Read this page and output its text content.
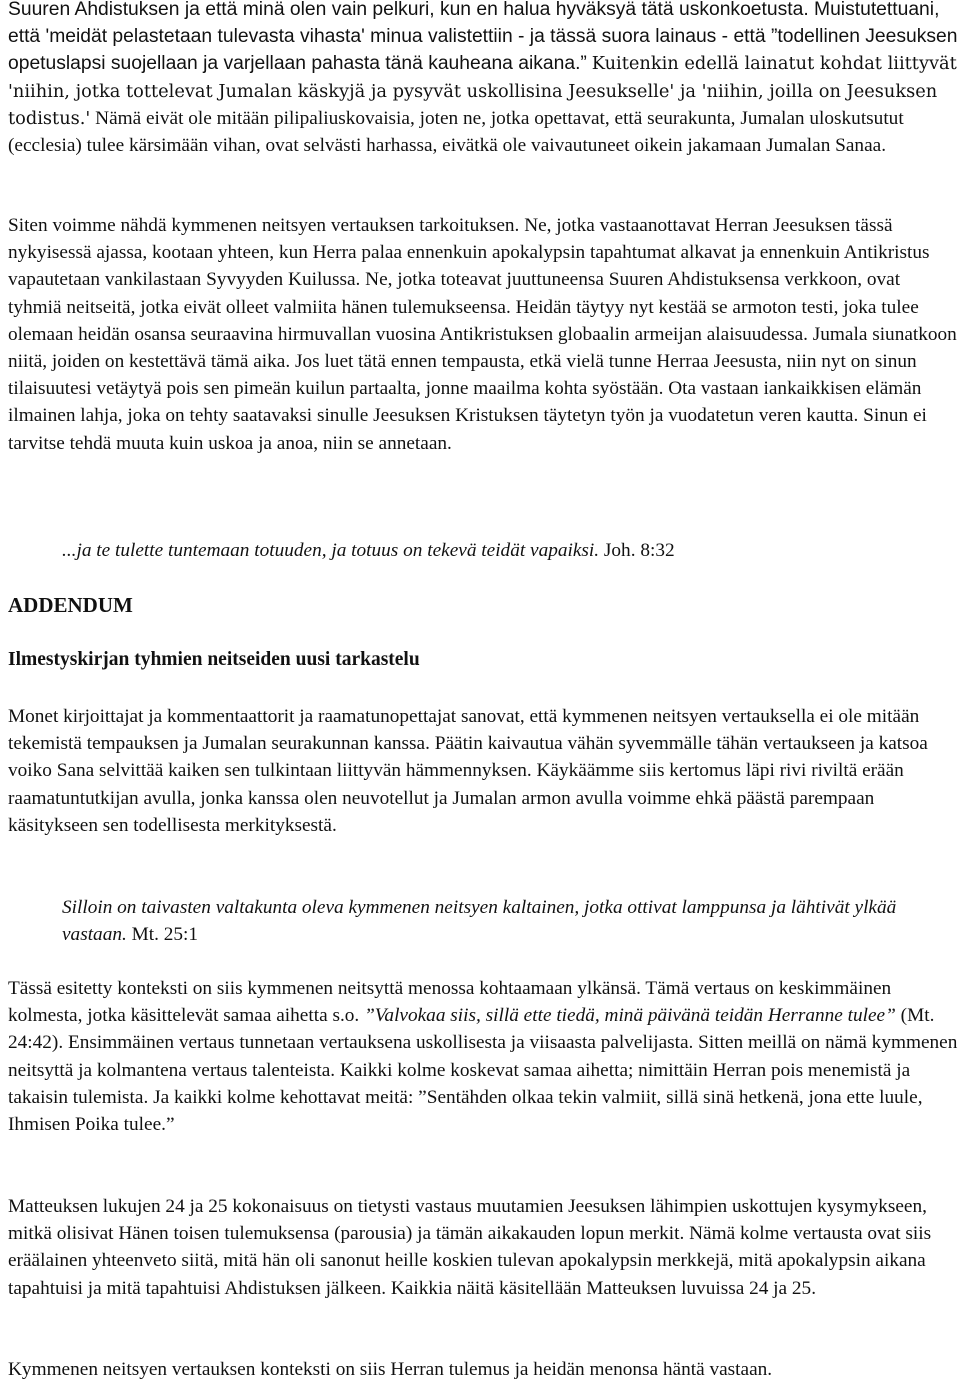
Suuren Ahdistuksen ja että minä olen vain pelkuri, kun en halua hyväksyä tätä uskonkoetusta. Muistutettuani, että 'meidät pelastetaan tulevasta vihasta' minua valistettiin - ja tässä suora lainaus - että ”todellinen Jeesuksen opetuslapsi suojellaan ja varjellaan pahasta tänä kauheana aikana.” Kuitenkin edellä lainatut kohdat liittyvät 'niihin, jotka tottelevat Jumalan käskyjä ja pysyvät uskollisina Jeesukselle' ja 'niihin, joilla on Jeesuksen todistus.' Nämä eivät ole mitään pilipaliuskovaisia, joten ne, jotka opettavat, että seurakunta, Jumalan uloskutsutut (ecclesia) tulee kärsimään vihan, ovat selvästi harhassa, eivätkä ole vaivautuneet oikein jakamaan Jumalan Sanaa.

Siten voimme nähdä kymmenen neitsyen vertauksen tarkoituksen. Ne, jotka vastaanottavat Herran Jeesuksen tässä nykyisessä ajassa, kootaan yhteen, kun Herra palaa ennenkuin apokalypsin tapahtumat alkavat ja ennenkuin Antikristus vapautetaan vankilastaan Syvyyden Kuilussa. Ne, jotka toteavat juuttuneensa Suuren Ahdistuksensa verkkoon, ovat tyhmiä neitseitä, jotka eivät olleet valmiita hänen tulemukseensa. Heidän täytyy nyt kestää se armoton testi, joka tulee olemaan heidän osansa seuraavina hirmuvallan vuosina Antikristuksen globaalin armeijan alaisuudessa. Jumala siunatkoon niitä, joiden on kestettävä tämä aika. Jos luet tätä ennen tempausta, etkä vielä tunne Herraa Jeesusta, niin nyt on sinun tilaisuutesi vetäytyä pois sen pimeän kuilun partaalta, jonne maailma kohta syöstään. Ota vastaan iankaikkisen elämän ilmainen lahja, joka on tehty saatavaksi sinulle Jeesuksen Kristuksen täytetyn työn ja vuodatetun veren kautta. Sinun ei tarvitse tehdä muuta kuin uskoa ja anoa, niin se annetaan.

...ja te tulette tuntemaan totuuden, ja totuus on tekevä teidät vapaiksi. Joh. 8:32

ADDENDUM
Ilmestyskirjan tyhmien neitseiden uusi tarkastelu

Monet kirjoittajat ja kommentaattorit ja raamatunopettajat sanovat, että kymmenen neitsyen vertauksella ei ole mitään tekemistä tempauksen ja Jumalan seurakunnan kanssa. Päätin kaivautua vähän syvemmälle tähän vertaukseen ja katsoa voiko Sana selvittää kaiken sen tulkintaan liittyvän hämmennyksen. Käykäämme siis kertomus läpi rivi riviltä erään raamatuntutkijan avulla, jonka kanssa olen neuvotellut ja Jumalan armon avulla voimme ehkä päästä parempaan käsitykseen sen todellisesta merkityksestä.

Silloin on taivasten valtakunta oleva kymmenen neitsyen kaltainen, jotka ottivat lamppunsa ja lähtivät ylkää vastaan. Mt. 25:1

Tässä esitetty konteksti on siis kymmenen neitsyttä menossa kohtaamaan ylkänsä. Tämä vertaus on keskimmäinen kolmesta, jotka käsittelevät samaa aihetta s.o. ”Valvokaa siis, sillä ette tiedä, minä päivänä teidän Herranne tulee” (Mt. 24:42). Ensimmäinen vertaus tunnetaan vertauksena uskollisesta ja viisaasta palvelijasta. Sitten meillä on nämä kymmenen neitsyttä ja kolmantena vertaus talenteista. Kaikki kolme koskevat samaa aihetta; nimittäin Herran pois menemistä ja takaisin tulemista. Ja kaikki kolme kehottavat meitä: ”Sentähden olkaa tekin valmiit, sillä sinä hetkenä, jona ette luule, Ihmisen Poika tulee.”

Matteuksen lukujen 24 ja 25 kokonaisuus on tietysti vastaus muutamien Jeesuksen lähimpien uskottujen kysymykseen, mitkä olisivat Hänen toisen tulemuksensa (parousia) ja tämän aikakauden lopun merkit. Nämä kolme vertausta ovat siis eräälainen yhteenveto siitä, mitä hän oli sanonut heille koskien tulevan apokalypsin merkkejä, mitä apokalypsin aikana tapahtuisi ja mitä tapahtuisi Ahdistuksen jälkeen. Kaikkia näitä käsitellään Matteuksen luvuissa 24 ja 25.

Kymmenen neitsyen vertauksen konteksti on siis Herran tulemus ja heidän menonsa häntä vastaan.
